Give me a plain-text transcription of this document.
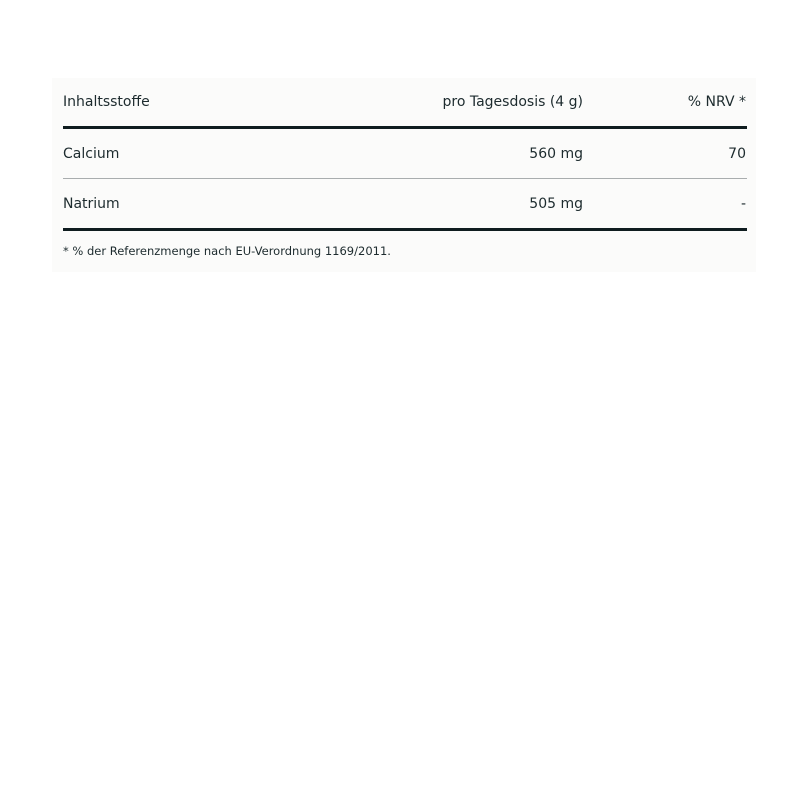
Inhaltsstoffe	pro Tagesdosis (4 g)	% NRV *
Calcium	560 mg	70
Natrium	505 mg	-
* % der Referenzmenge nach EU-Verordnung 1169/2011.
